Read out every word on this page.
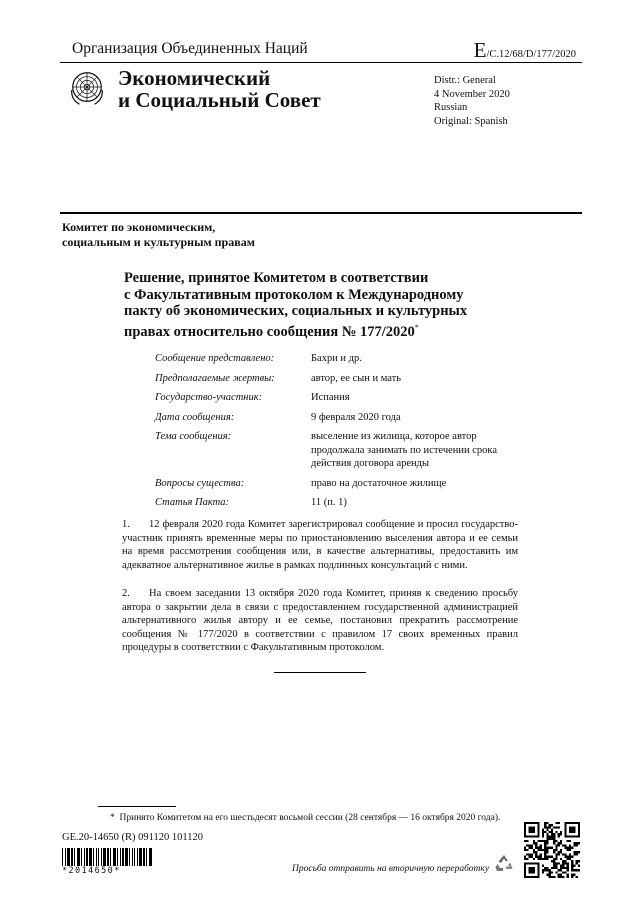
Организация Объединенных Наций	E/C.12/68/D/177/2020
Экономический
и Социальный Совет
Distr.: General
4 November 2020
Russian
Original: Spanish
Комитет по экономическим,
социальным и культурным правам
Решение, принятое Комитетом в соответствии
с Факультативным протоколом к Международному
пакту об экономических, социальных и культурных
правах относительно сообщения № 177/2020*
Сообщение представлено:	Бахри и др.
Предполагаемые жертвы:	автор, ее сын и мать
Государство-участник:	Испания
Дата сообщения:	9 февраля 2020 года
Тема сообщения:	выселение из жилища, которое автор продолжала занимать по истечении срока действия договора аренды
Вопросы существа:	право на достаточное жилище
Статья Пакта:	11 (п. 1)
1. 12 февраля 2020 года Комитет зарегистрировал сообщение и просил государство-участник принять временные меры по приостановлению выселения автора и ее семьи на время рассмотрения сообщения или, в качестве альтернативы, предоставить им адекватное альтернативное жилье в рамках подлинных консультаций с ними.
2. На своем заседании 13 октября 2020 года Комитет, приняв к сведению просьбу автора о закрытии дела в связи с предоставлением государственной администрацией альтернативного жилья автору и ее семье, постановил прекратить рассмотрение сообщения № 177/2020 в соответствии с правилом 17 своих временных правил процедуры в соответствии с Факультативным протоколом.
* Принято Комитетом на его шестьдесят восьмой сессии (28 сентября — 16 октября 2020 года).
GE.20-14650 (R) 091120 101120
*2014650*	Просьба отправить на вторичную переработку
